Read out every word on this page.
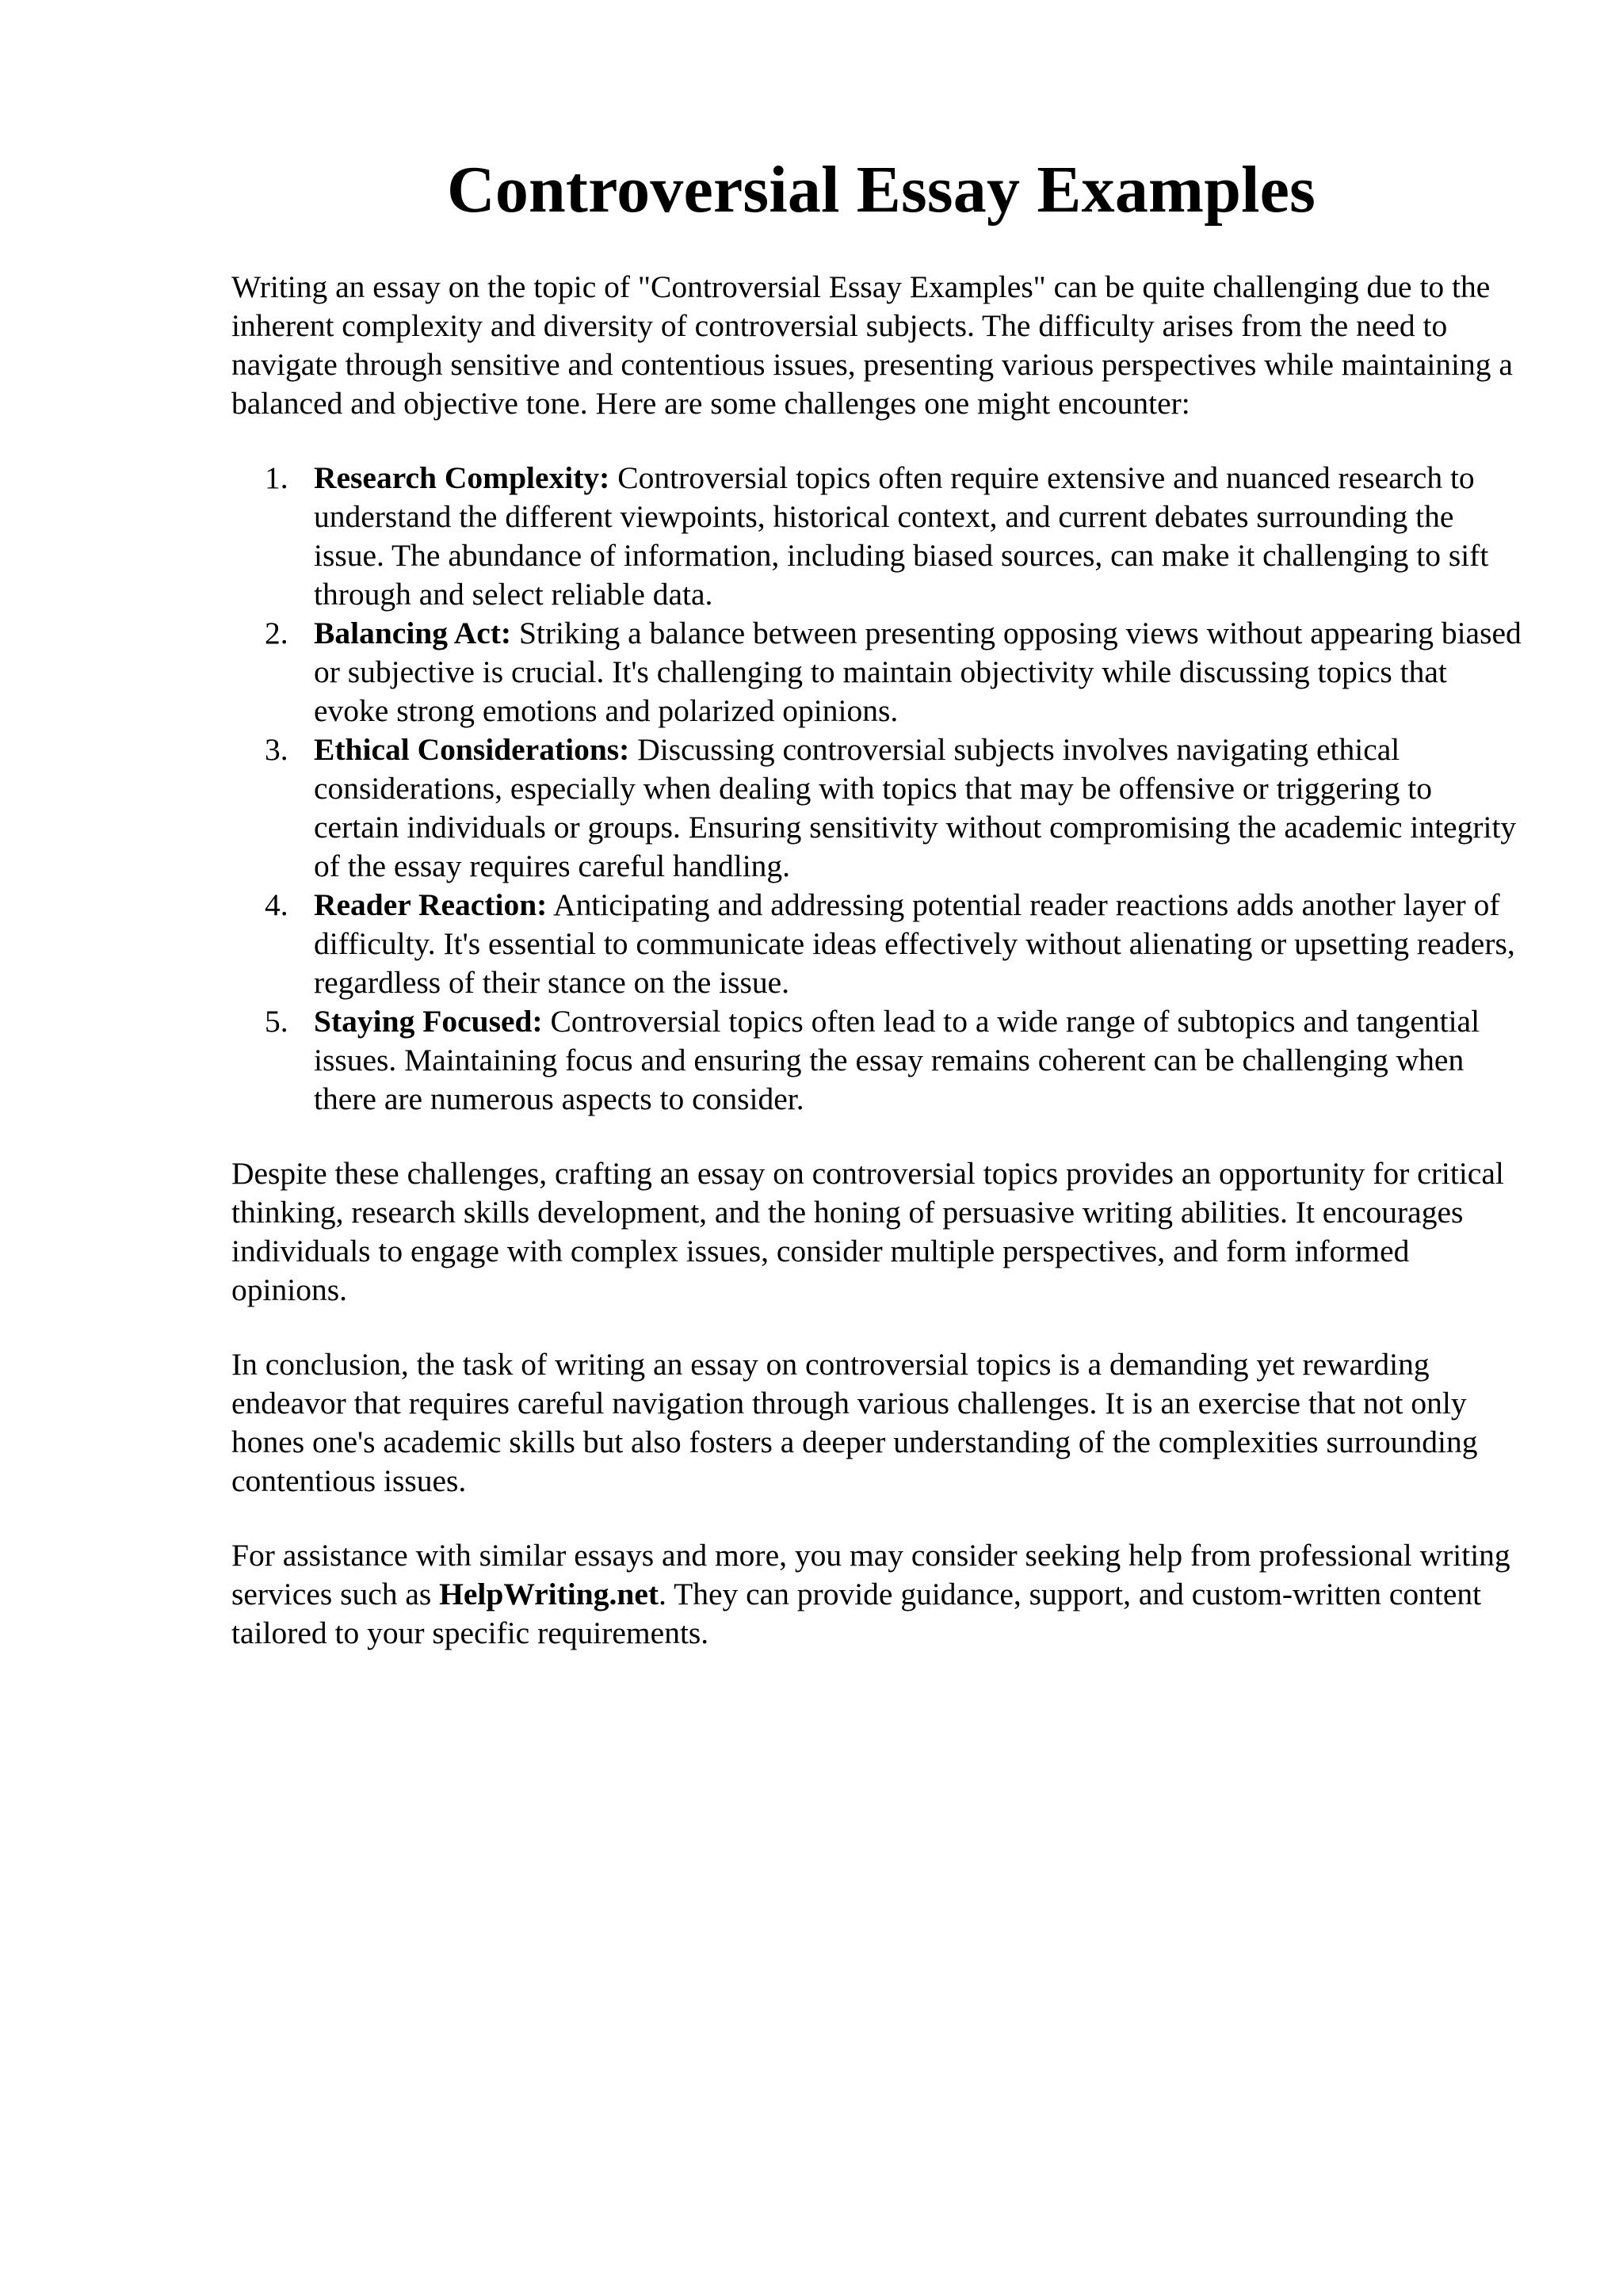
Controversial Essay Examples

Writing an essay on the topic of "Controversial Essay Examples" can be quite challenging due to the inherent complexity and diversity of controversial subjects. The difficulty arises from the need to navigate through sensitive and contentious issues, presenting various perspectives while maintaining a balanced and objective tone. Here are some challenges one might encounter:

Research Complexity: Controversial topics often require extensive and nuanced research to understand the different viewpoints, historical context, and current debates surrounding the issue. The abundance of information, including biased sources, can make it challenging to sift through and select reliable data.
Balancing Act: Striking a balance between presenting opposing views without appearing biased or subjective is crucial. It's challenging to maintain objectivity while discussing topics that evoke strong emotions and polarized opinions.
Ethical Considerations: Discussing controversial subjects involves navigating ethical considerations, especially when dealing with topics that may be offensive or triggering to certain individuals or groups. Ensuring sensitivity without compromising the academic integrity of the essay requires careful handling.
Reader Reaction: Anticipating and addressing potential reader reactions adds another layer of difficulty. It's essential to communicate ideas effectively without alienating or upsetting readers, regardless of their stance on the issue.
Staying Focused: Controversial topics often lead to a wide range of subtopics and tangential issues. Maintaining focus and ensuring the essay remains coherent can be challenging when there are numerous aspects to consider.

Despite these challenges, crafting an essay on controversial topics provides an opportunity for critical thinking, research skills development, and the honing of persuasive writing abilities. It encourages individuals to engage with complex issues, consider multiple perspectives, and form informed opinions.

In conclusion, the task of writing an essay on controversial topics is a demanding yet rewarding endeavor that requires careful navigation through various challenges. It is an exercise that not only hones one's academic skills but also fosters a deeper understanding of the complexities surrounding contentious issues.

For assistance with similar essays and more, you may consider seeking help from professional writing services such as HelpWriting.net. They can provide guidance, support, and custom-written content tailored to your specific requirements.
